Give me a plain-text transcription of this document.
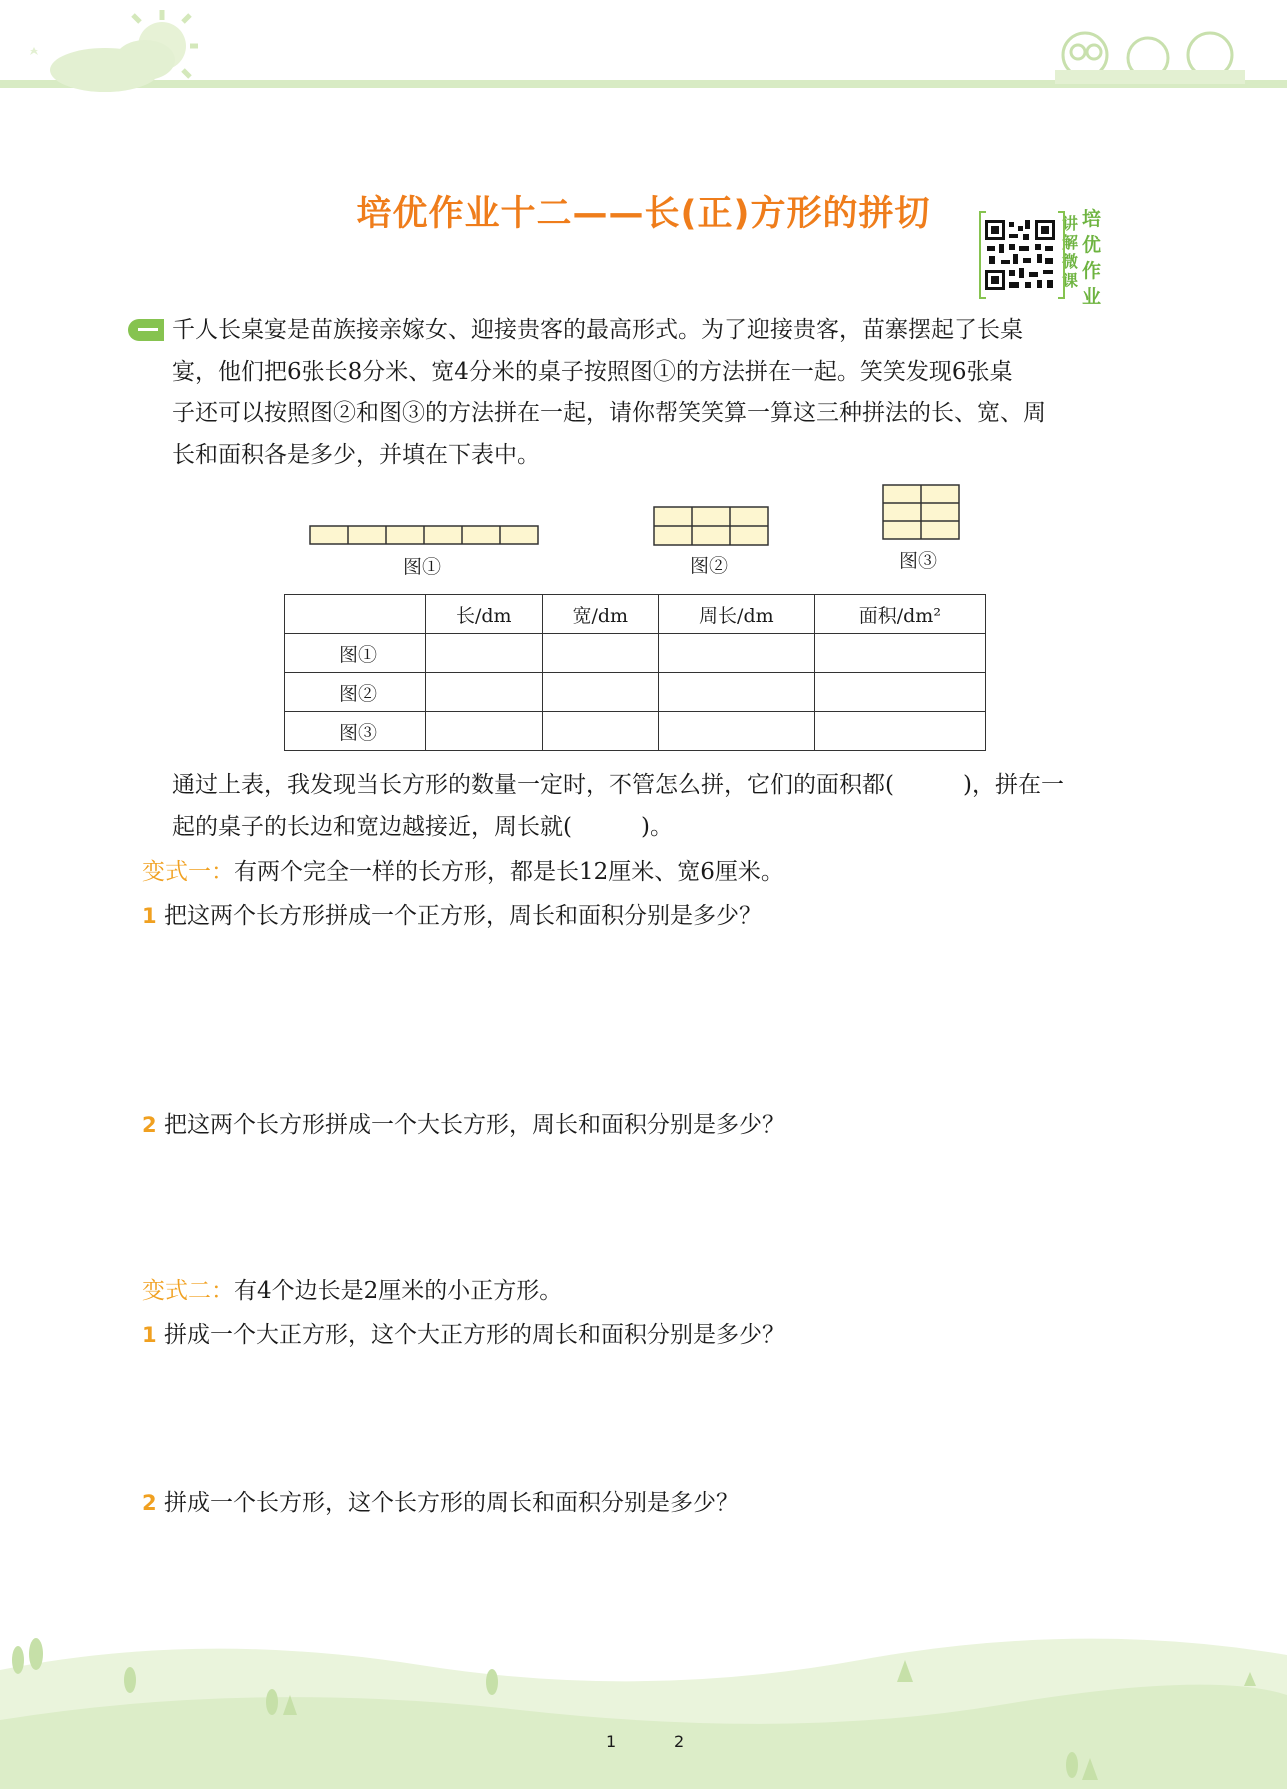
培优作业十二——长(正)方形的拼切	讲解微课
培优作业
千人长桌宴是苗族接亲嫁女、迎接贵客的最高形式。为了迎接贵客，苗寨摆起了长桌
宴，他们把6张长8分米、宽4分米的桌子按照图①的方法拼在一起。笑笑发现6张桌
子还可以按照图②和图③的方法拼在一起，请你帮笑笑算一算这三种拼法的长、宽、周
长和面积各是多少，并填在下表中。
图①	图②	图③
	长/dm	宽/dm	周长/dm	面积/dm²
图①				
图②				
图③				
通过上表，我发现当长方形的数量一定时，不管怎么拼，它们的面积都(　　　)，拼在一
起的桌子的长边和宽边越接近，周长就(　　　)。
变式一：有两个完全一样的长方形，都是长12厘米、宽6厘米。
1 把这两个长方形拼成一个正方形，周长和面积分别是多少？
2 把这两个长方形拼成一个大长方形，周长和面积分别是多少？
变式二：有4个边长是2厘米的小正方形。
1 拼成一个大正方形，这个大正方形的周长和面积分别是多少？
2 拼成一个长方形，这个长方形的周长和面积分别是多少？
1	2
